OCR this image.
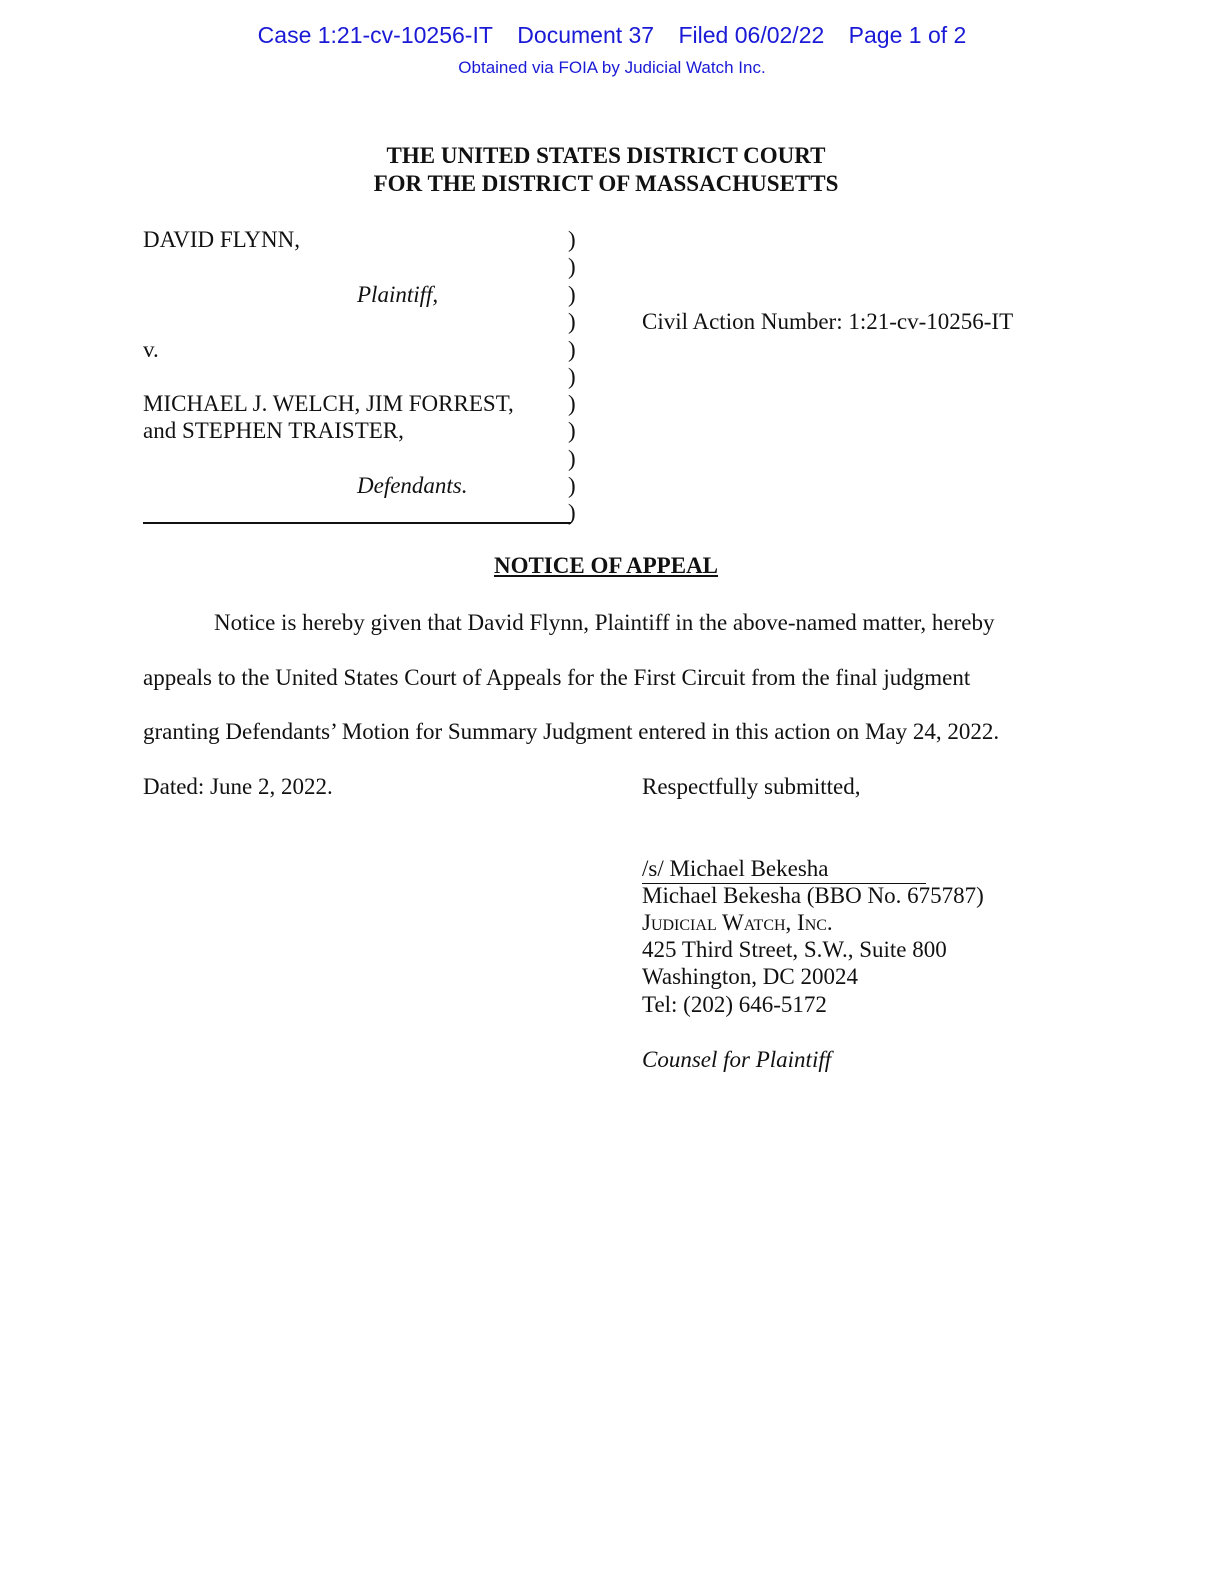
Case 1:21-cv-10256-IT Document 37 Filed 06/02/22 Page 1 of 2
Obtained via FOIA by Judicial Watch Inc.
THE UNITED STATES DISTRICT COURT
FOR THE DISTRICT OF MASSACHUSETTS
DAVID FLYNN,
Plaintiff,
v.
MICHAEL J. WELCH, JIM FORREST,
and STEPHEN TRAISTER,
Defendants.
)
)
)
)
)
)
)
)
)
)
)
Civil Action Number: 1:21-cv-10256-IT
NOTICE OF APPEAL
Notice is hereby given that David Flynn, Plaintiff in the above-named matter, hereby
appeals to the United States Court of Appeals for the First Circuit from the final judgment
granting Defendants’ Motion for Summary Judgment entered in this action on May 24, 2022.
Dated: June 2, 2022.	Respectfully submitted,
/s/ Michael Bekesha
Michael Bekesha (BBO No. 675787)
Judicial Watch, Inc.
425 Third Street, S.W., Suite 800
Washington, DC 20024
Tel: (202) 646-5172
Counsel for Plaintiff
